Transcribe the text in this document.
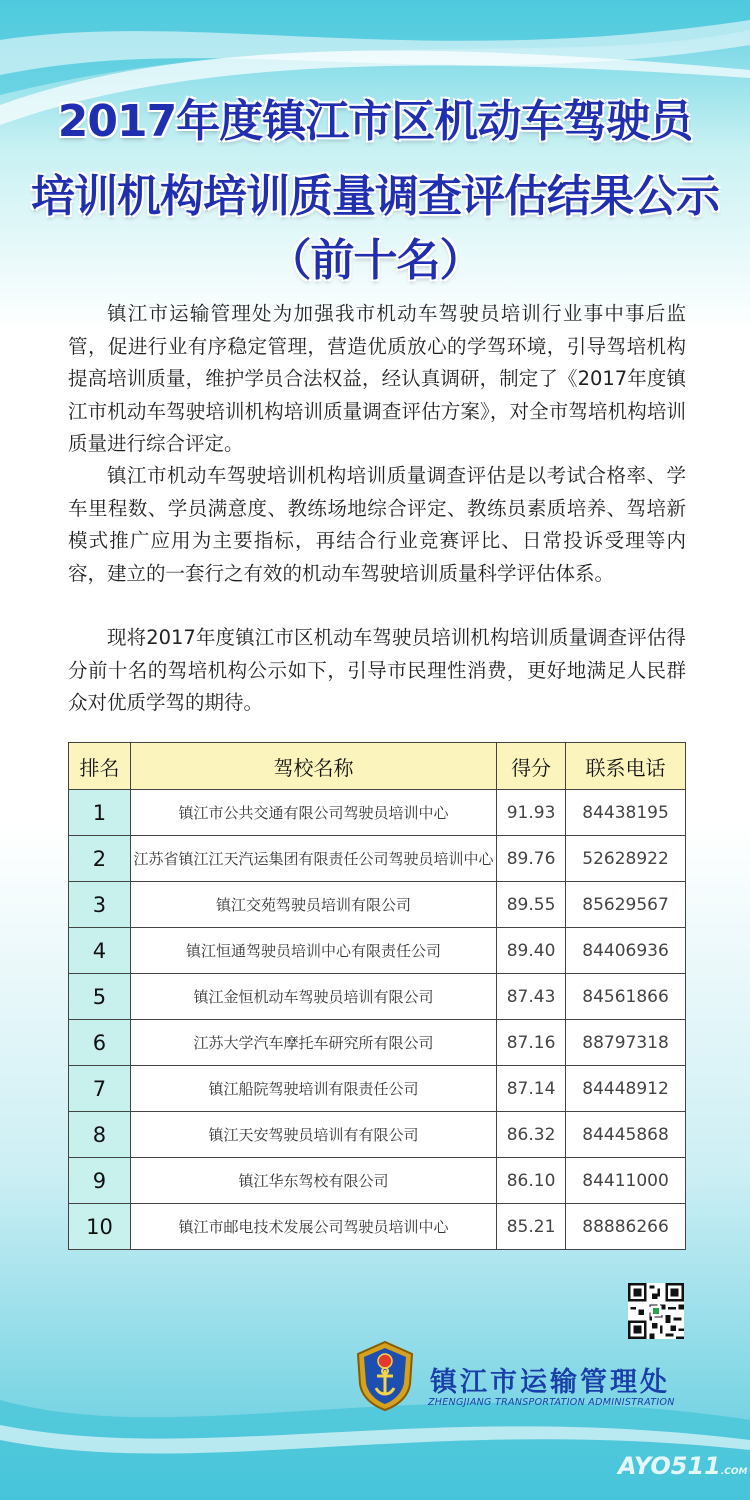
2017年度镇江市区机动车驾驶员
培训机构培训质量调查评估结果公示（前十名）

镇江市运输管理处为加强我市机动车驾驶员培训行业事中事后监管，促进行业有序稳定管理，营造优质放心的学驾环境，引导驾培机构提高培训质量，维护学员合法权益，经认真调研，制定了《2017年度镇江市机动车驾驶培训机构培训质量调查评估方案》，对全市驾培机构培训质量进行综合评定。

镇江市机动车驾驶培训机构培训质量调查评估是以考试合格率、学车里程数、学员满意度、教练场地综合评定、教练员素质培养、驾培新模式推广应用为主要指标，再结合行业竞赛评比、日常投诉受理等内容，建立的一套行之有效的机动车驾驶培训质量科学评估体系。

现将2017年度镇江市区机动车驾驶员培训机构培训质量调查评估得分前十名的驾培机构公示如下，引导市民理性消费，更好地满足人民群众对优质学驾的期待。

排名	驾校名称	得分	联系电话
1	镇江市公共交通有限公司驾驶员培训中心	91.93	84438195
2	江苏省镇江江天汽运集团有限责任公司驾驶员培训中心	89.76	52628922
3	镇江交苑驾驶员培训有限公司	89.55	85629567
4	镇江恒通驾驶员培训中心有限责任公司	89.40	84406936
5	镇江金恒机动车驾驶员培训有限公司	87.43	84561866
6	江苏大学汽车摩托车研究所有限公司	87.16	88797318
7	镇江船院驾驶培训有限责任公司	87.14	84448912
8	镇江天安驾驶员培训有有限公司	86.32	84445868
9	镇江华东驾校有限公司	86.10	84411000
10	镇江市邮电技术发展公司驾驶员培训中心	85.21	88886266
镇江市运输管理处
ZHENGJIANG TRANSPORTATION ADMINISTRATION
AYO511.COM
